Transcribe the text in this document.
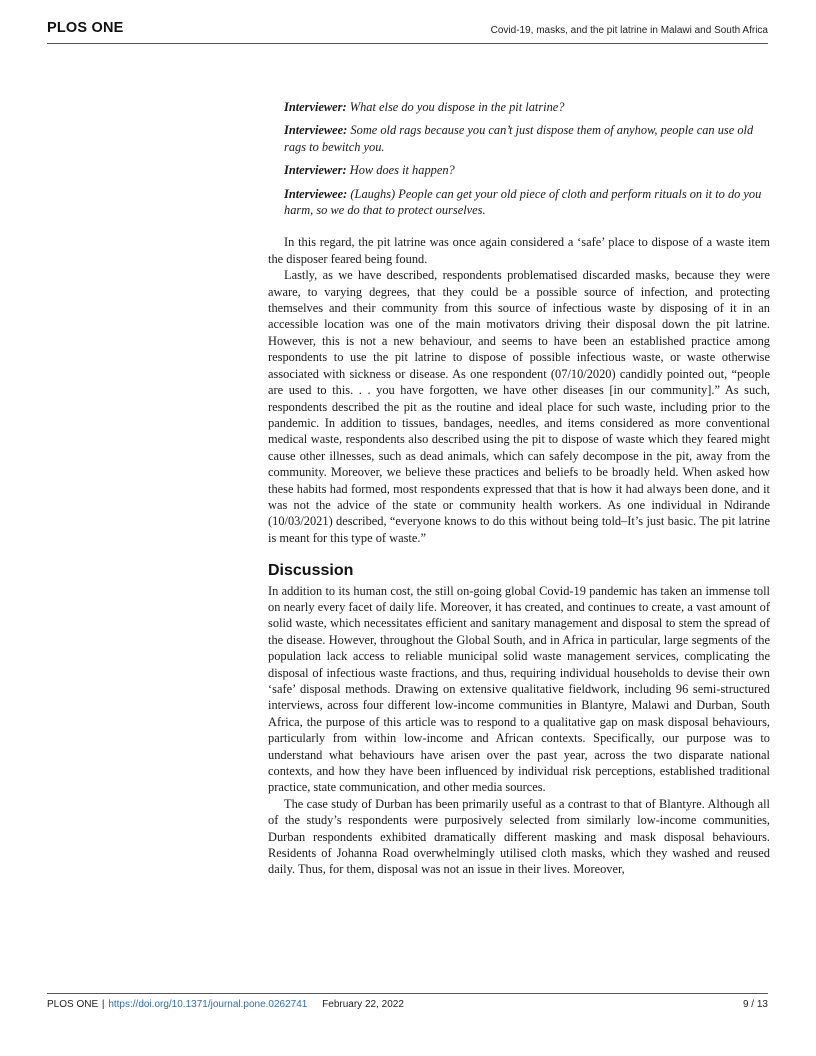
PLOS ONE	Covid-19, masks, and the pit latrine in Malawi and South Africa

Interviewer: What else do you dispose in the pit latrine?

Interviewee: Some old rags because you can’t just dispose them of anyhow, people can use old rags to bewitch you.

Interviewer: How does it happen?

Interviewee: (Laughs) People can get your old piece of cloth and perform rituals on it to do you harm, so we do that to protect ourselves.

In this regard, the pit latrine was once again considered a ‘safe’ place to dispose of a waste item the disposer feared being found.

Lastly, as we have described, respondents problematised discarded masks, because they were aware, to varying degrees, that they could be a possible source of infection, and protecting themselves and their community from this source of infectious waste by disposing of it in an accessible location was one of the main motivators driving their disposal down the pit latrine. However, this is not a new behaviour, and seems to have been an established practice among respondents to use the pit latrine to dispose of possible infectious waste, or waste otherwise associated with sickness or disease. As one respondent (07/10/2020) candidly pointed out, “people are used to this. . . you have forgotten, we have other diseases [in our community].” As such, respondents described the pit as the routine and ideal place for such waste, including prior to the pandemic. In addition to tissues, bandages, needles, and items considered as more conventional medical waste, respondents also described using the pit to dispose of waste which they feared might cause other illnesses, such as dead animals, which can safely decompose in the pit, away from the community. Moreover, we believe these practices and beliefs to be broadly held. When asked how these habits had formed, most respondents expressed that that is how it had always been done, and it was not the advice of the state or community health workers. As one individual in Ndirande (10/03/2021) described, “everyone knows to do this without being told–It’s just basic. The pit latrine is meant for this type of waste.”

Discussion

In addition to its human cost, the still on-going global Covid-19 pandemic has taken an immense toll on nearly every facet of daily life. Moreover, it has created, and continues to create, a vast amount of solid waste, which necessitates efficient and sanitary management and disposal to stem the spread of the disease. However, throughout the Global South, and in Africa in particular, large segments of the population lack access to reliable municipal solid waste management services, complicating the disposal of infectious waste fractions, and thus, requiring individual households to devise their own ‘safe’ disposal methods. Drawing on extensive qualitative fieldwork, including 96 semi-structured interviews, across four different low-income communities in Blantyre, Malawi and Durban, South Africa, the purpose of this article was to respond to a qualitative gap on mask disposal behaviours, particularly from within low-income and African contexts. Specifically, our purpose was to understand what behaviours have arisen over the past year, across the two disparate national contexts, and how they have been influenced by individual risk perceptions, established traditional practice, state communication, and other media sources.

The case study of Durban has been primarily useful as a contrast to that of Blantyre. Although all of the study’s respondents were purposively selected from similarly low-income communities, Durban respondents exhibited dramatically different masking and mask disposal behaviours. Residents of Johanna Road overwhelmingly utilised cloth masks, which they washed and reused daily. Thus, for them, disposal was not an issue in their lives. Moreover,

PLOS ONE | https://doi.org/10.1371/journal.pone.0262741 February 22, 2022	9 / 13
